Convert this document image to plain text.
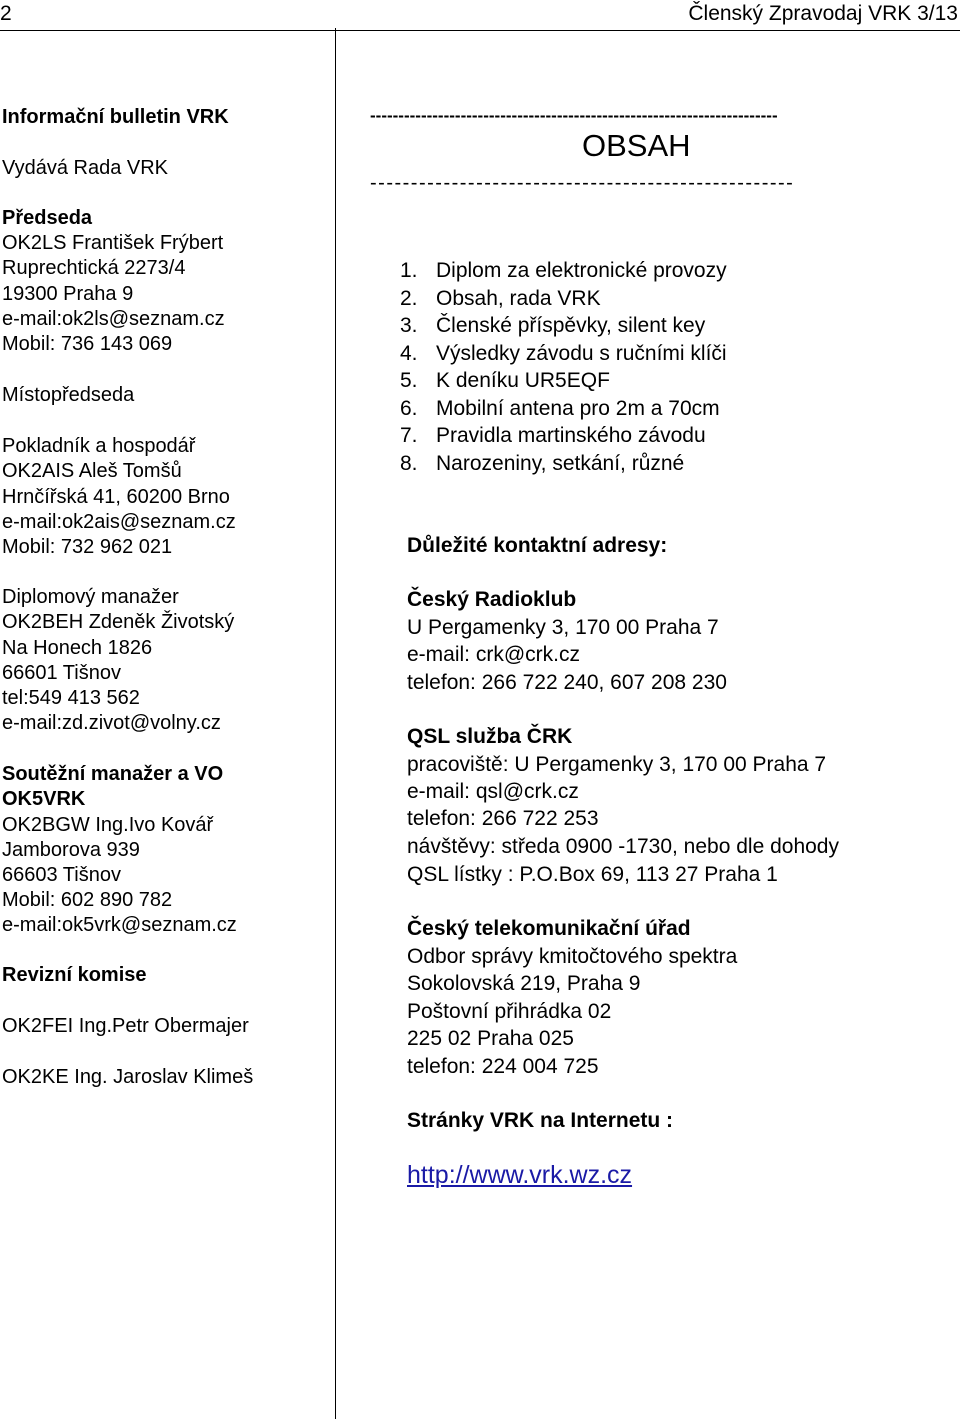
2	Členský Zpravodaj VRK 3/13
Informační bulletin VRK
Vydává Rada VRK
Předseda
OK2LS František Frýbert
Ruprechtická 2273/4
19300 Praha 9
e-mail:ok2ls@seznam.cz
Mobil: 736 143 069
Místopředseda
Pokladník a hospodář
OK2AIS Aleš Tomšů
Hrnčířská 41, 60200 Brno
e-mail:ok2ais@seznam.cz
Mobil: 732 962 021
Diplomový manažer
OK2BEH Zdeněk Životský
Na Honech 1826
66601 Tišnov
tel:549 413 562
e-mail:zd.zivot@volny.cz
Soutěžní manažer a VO
OK5VRK
OK2BGW Ing.Ivo Kovář
Jamborova 939
66603 Tišnov
Mobil: 602 890 782
e-mail:ok5vrk@seznam.cz
Revizní komise
OK2FEI Ing.Petr Obermajer
OK2KE Ing. Jaroslav Klimeš
------------------------------------------------------------------------
OBSAH
----------------------------------------------------
1. Diplom za elektronické provozy
2. Obsah, rada VRK
3. Členské příspěvky, silent key
4. Výsledky závodu s ručními klíči
5. K deníku UR5EQF
6. Mobilní antena pro 2m a 70cm
7. Pravidla martinského závodu
8. Narozeniny, setkání, různé
Důležité kontaktní adresy:
Český Radioklub
U Pergamenky 3, 170 00 Praha 7
e-mail: crk@crk.cz
telefon: 266 722 240, 607 208 230
QSL služba ČRK
pracoviště: U Pergamenky 3, 170 00 Praha 7
e-mail: qsl@crk.cz
telefon: 266 722 253
návštěvy: středa 0900 -1730, nebo dle dohody
QSL lístky : P.O.Box 69, 113 27 Praha 1
Český telekomunikační úřad
Odbor správy kmitočtového spektra
Sokolovská 219, Praha 9
Poštovní přihrádka 02
225 02 Praha 025
telefon: 224 004 725
Stránky VRK na Internetu :
http://www.vrk.wz.cz
